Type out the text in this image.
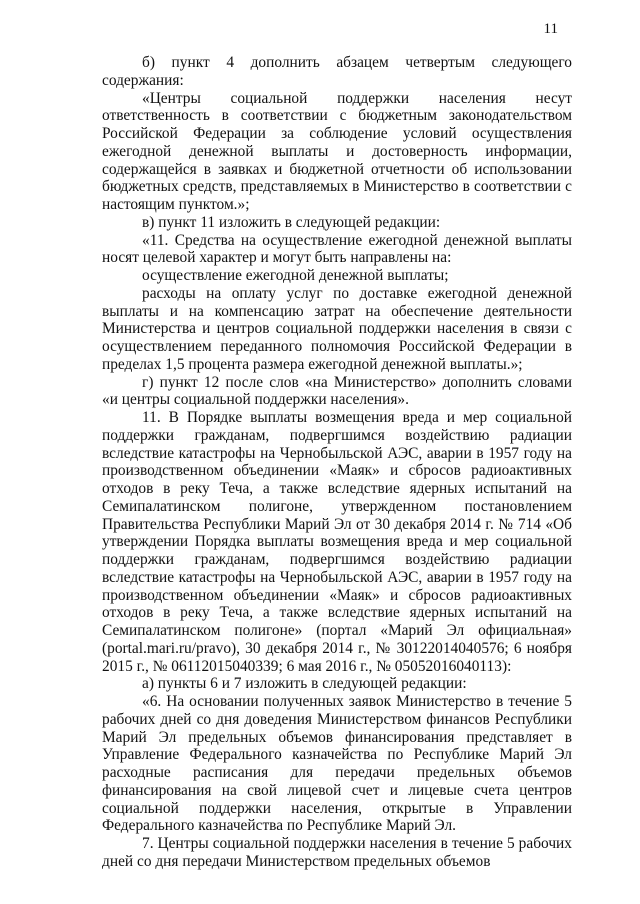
11

б) пункт 4 дополнить абзацем четвертым следующего содержания:

«Центры социальной поддержки населения несут ответственность в соответствии с бюджетным законодательством Российской Федерации за соблюдение условий осуществления ежегодной денежной выплаты и достоверность информации, содержащейся в заявках и бюджетной отчетности об использовании бюджетных средств, представляемых в Министерство в соответствии с настоящим пунктом.»;

в) пункт 11 изложить в следующей редакции:

«11. Средства на осуществление ежегодной денежной выплаты носят целевой характер и могут быть направлены на:

осуществление ежегодной денежной выплаты;

расходы на оплату услуг по доставке ежегодной денежной выплаты и на компенсацию затрат на обеспечение деятельности Министерства и центров социальной поддержки населения в связи с осуществлением переданного полномочия Российской Федерации в пределах 1,5 процента размера ежегодной денежной выплаты.»;

г) пункт 12 после слов «на Министерство» дополнить словами «и центры социальной поддержки населения».

11. В Порядке выплаты возмещения вреда и мер социальной поддержки гражданам, подвергшимся воздействию радиации вследствие катастрофы на Чернобыльской АЭС, аварии в 1957 году на производственном объединении «Маяк» и сбросов радиоактивных отходов в реку Теча, а также вследствие ядерных испытаний на Семипалатинском полигоне, утвержденном постановлением Правительства Республики Марий Эл от 30 декабря 2014 г. № 714 «Об утверждении Порядка выплаты возмещения вреда и мер социальной поддержки гражданам, подвергшимся воздействию радиации вследствие катастрофы на Чернобыльской АЭС, аварии в 1957 году на производственном объединении «Маяк» и сбросов радиоактивных отходов в реку Теча, а также вследствие ядерных испытаний на Семипалатинском полигоне» (портал «Марий Эл официальная» (portal.mari.ru/pravo), 30 декабря 2014 г., № 30122014040576; 6 ноября 2015 г., № 06112015040339; 6 мая 2016 г., № 05052016040113):

а) пункты 6 и 7 изложить в следующей редакции:

«6. На основании полученных заявок Министерство в течение 5 рабочих дней со дня доведения Министерством финансов Республики Марий Эл предельных объемов финансирования представляет в Управление Федерального казначейства по Республике Марий Эл расходные расписания для передачи предельных объемов финансирования на свой лицевой счет и лицевые счета центров социальной поддержки населения, открытые в Управлении Федерального казначейства по Республике Марий Эл.

7. Центры социальной поддержки населения в течение 5 рабочих дней со дня передачи Министерством предельных объемов
